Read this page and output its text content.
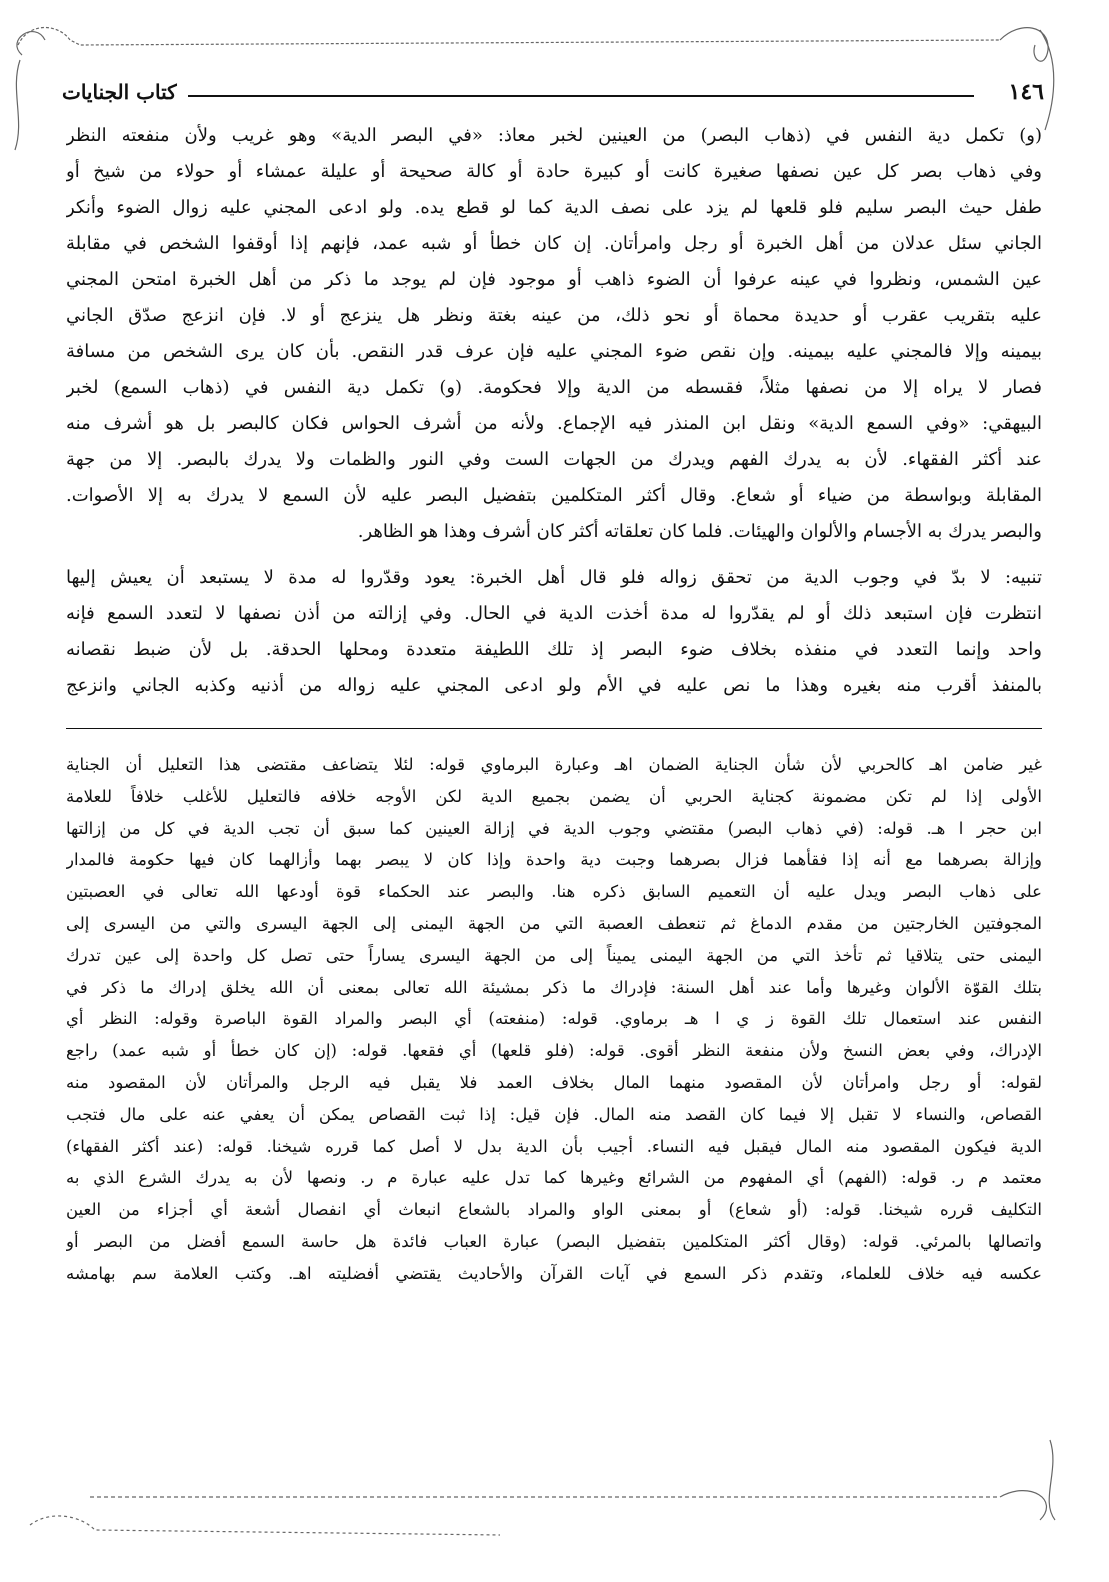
١٤٦
كتاب الجنايات
(و) تكمل دية النفس في (ذهاب البصر) من العينين لخبر معاذ: «في البصر الدية» وهو غريب ولأن منفعته النظر
وفي ذهاب بصر كل عين نصفها صغيرة كانت أو كبيرة حادة أو كالة صحيحة أو عليلة عمشاء أو حولاء من شيخ أو
طفل حيث البصر سليم فلو قلعها لم يزد على نصف الدية كما لو قطع يده. ولو ادعى المجني عليه زوال الضوء وأنكر
الجاني سئل عدلان من أهل الخبرة أو رجل وامرأتان. إن كان خطأ أو شبه عمد، فإنهم إذا أوقفوا الشخص في مقابلة
عين الشمس، ونظروا في عينه عرفوا أن الضوء ذاهب أو موجود فإن لم يوجد ما ذكر من أهل الخبرة امتحن المجني
عليه بتقريب عقرب أو حديدة محماة أو نحو ذلك، من عينه بغتة ونظر هل ينزعج أو لا. فإن انزعج صدّق الجاني
بيمينه وإلا فالمجني عليه بيمينه. وإن نقص ضوء المجني عليه فإن عرف قدر النقص. بأن كان يرى الشخص من مسافة
فصار لا يراه إلا من نصفها مثلاً، فقسطه من الدية وإلا فحكومة. (و) تكمل دية النفس في (ذهاب السمع) لخبر
البيهقي: «وفي السمع الدية» ونقل ابن المنذر فيه الإجماع. ولأنه من أشرف الحواس فكان كالبصر بل هو أشرف منه
عند أكثر الفقهاء. لأن به يدرك الفهم ويدرك من الجهات الست وفي النور والظمات ولا يدرك بالبصر. إلا من جهة
المقابلة وبواسطة من ضياء أو شعاع. وقال أكثر المتكلمين بتفضيل البصر عليه لأن السمع لا يدرك به إلا الأصوات.
والبصر يدرك به الأجسام والألوان والهيئات. فلما كان تعلقاته أكثر كان أشرف وهذا هو الظاهر.
تنبيه: لا بدّ في وجوب الدية من تحقق زواله فلو قال أهل الخبرة: يعود وقدّروا له مدة لا يستبعد أن يعيش إليها
انتظرت فإن استبعد ذلك أو لم يقدّروا له مدة أخذت الدية في الحال. وفي إزالته من أذن نصفها لا لتعدد السمع فإنه
واحد وإنما التعدد في منفذه بخلاف ضوء البصر إذ تلك اللطيفة متعددة ومحلها الحدقة. بل لأن ضبط نقصانه
بالمنفذ أقرب منه بغيره وهذا ما نص عليه في الأم ولو ادعى المجني عليه زواله من أذنيه وكذبه الجاني وانزعج
غير ضامن اهـ كالحربي لأن شأن الجناية الضمان اهـ وعبارة البرماوي قوله: لئلا يتضاعف مقتضى هذا التعليل أن الجناية
الأولى إذا لم تكن مضمونة كجناية الحربي أن يضمن بجميع الدية لكن الأوجه خلافه فالتعليل للأغلب خلافاً للعلامة
ابن حجر ا هـ. قوله: (في ذهاب البصر) مقتضي وجوب الدية في إزالة العينين كما سبق أن تجب الدية في كل من إزالتها
وإزالة بصرهما مع أنه إذا فقأهما فزال بصرهما وجبت دية واحدة وإذا كان لا يبصر بهما وأزالهما كان فيها حكومة فالمدار
على ذهاب البصر ويدل عليه أن التعميم السابق ذكره هنا. والبصر عند الحكماء قوة أودعها الله تعالى في العصبتين
المجوفتين الخارجتين من مقدم الدماغ ثم تنعطف العصبة التي من الجهة اليمنى إلى الجهة اليسرى والتي من اليسرى إلى
اليمنى حتى يتلاقيا ثم تأخذ التي من الجهة اليمنى يميناً إلى من الجهة اليسرى يساراً حتى تصل كل واحدة إلى عين تدرك
بتلك القوّة الألوان وغيرها وأما عند أهل السنة: فإدراك ما ذكر بمشيئة الله تعالى بمعنى أن الله يخلق إدراك ما ذكر في
النفس عند استعمال تلك القوة ز ي ا هـ برماوي. قوله: (منفعته) أي البصر والمراد القوة الباصرة وقوله: النظر أي
الإدراك، وفي بعض النسخ ولأن منفعة النظر أقوى. قوله: (فلو قلعها) أي فقعها. قوله: (إن كان خطأ أو شبه عمد) راجع
لقوله: أو رجل وامرأتان لأن المقصود منهما المال بخلاف العمد فلا يقبل فيه الرجل والمرأتان لأن المقصود منه
القصاص، والنساء لا تقبل إلا فيما كان القصد منه المال. فإن قيل: إذا ثبت القصاص يمكن أن يعفي عنه على مال فتجب
الدية فيكون المقصود منه المال فيقبل فيه النساء. أجيب بأن الدية بدل لا أصل كما قرره شيخنا. قوله: (عند أكثر الفقهاء)
معتمد م ر. قوله: (الفهم) أي المفهوم من الشرائع وغيرها كما تدل عليه عبارة م ر. ونصها لأن به يدرك الشرع الذي به
التكليف قرره شيخنا. قوله: (أو شعاع) أو بمعنى الواو والمراد بالشعاع انبعاث أي انفصال أشعة أي أجزاء من العين
واتصالها بالمرئي. قوله: (وقال أكثر المتكلمين بتفضيل البصر) عبارة العباب فائدة هل حاسة السمع أفضل من البصر أو
عكسه فيه خلاف للعلماء، وتقدم ذكر السمع في آيات القرآن والأحاديث يقتضي أفضليته اهـ. وكتب العلامة سم بهامشه
